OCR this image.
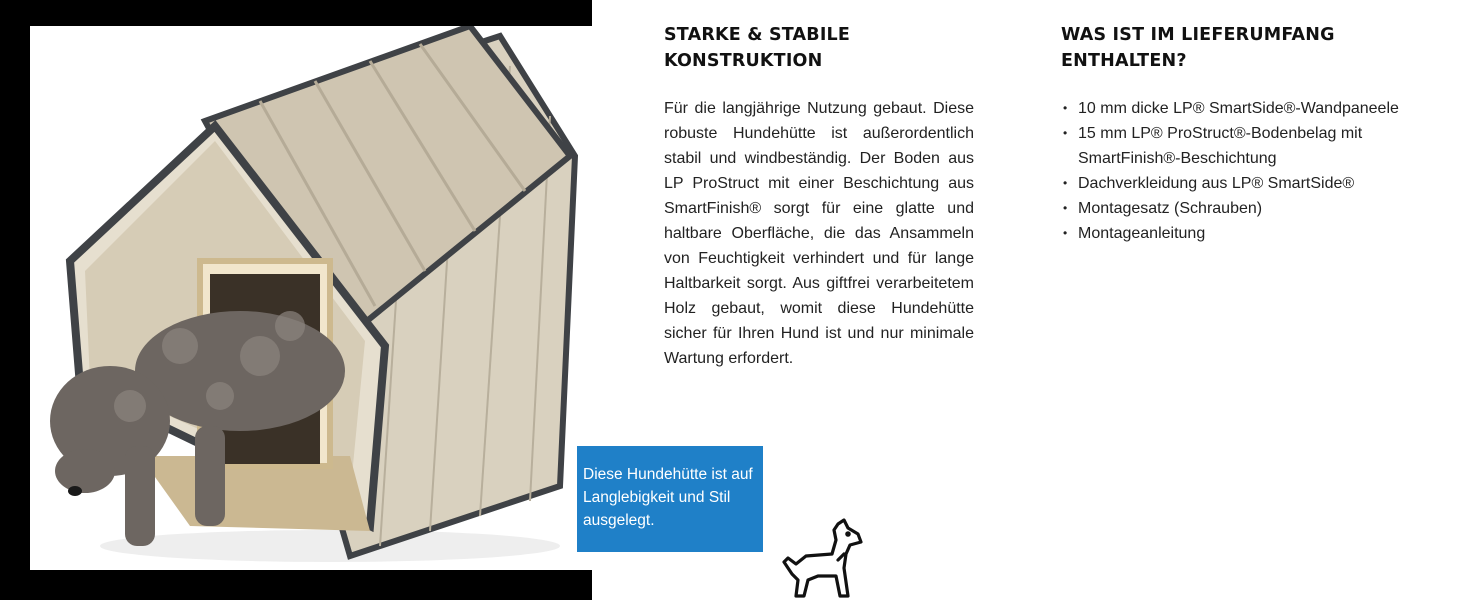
Diese Hundehütte ist auf Langlebigkeit und Stil ausgelegt.

STARKE & STABILE KONSTRUKTION

Für die langjährige Nutzung gebaut. Diese robuste Hundehütte ist außerordentlich stabil und windbeständig. Der Boden aus LP ProStruct mit einer Beschichtung aus SmartFinish® sorgt für eine glatte und haltbare Oberfläche, die das Ansammeln von Feuchtigkeit verhindert und für lange Haltbarkeit sorgt. Aus giftfrei verarbeitetem Holz gebaut, womit diese Hundehütte sicher für Ihren Hund ist und nur minimale Wartung erfordert.

WAS IST IM LIEFERUMFANG ENTHALTEN?
• 10 mm dicke LP® SmartSide®-Wandpaneele
• 15 mm LP® ProStruct®-Bodenbelag mit SmartFinish®-Beschichtung
• Dachverkleidung aus LP® SmartSide®
• Montagesatz (Schrauben)
• Montageanleitung
